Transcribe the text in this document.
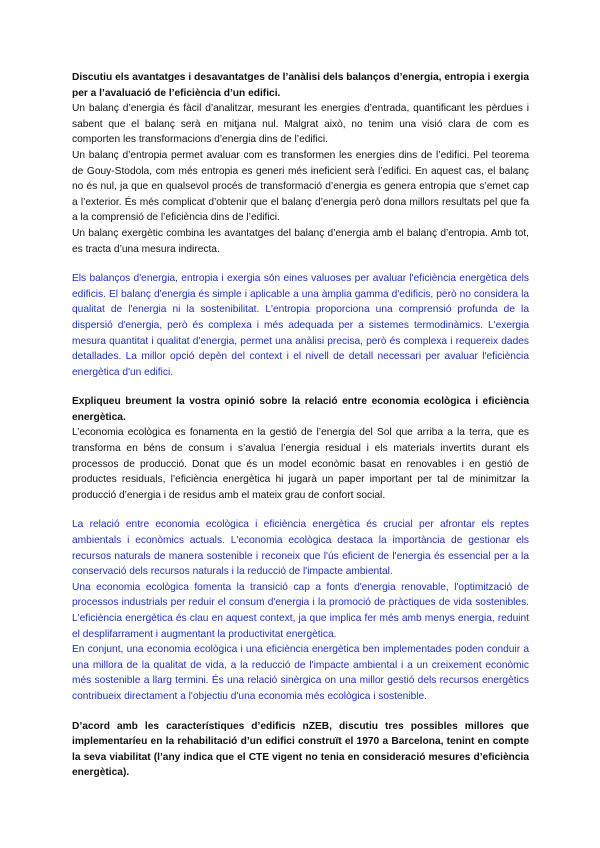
Discutiu els avantatges i desavantatges de l’anàlisi dels balanços d’energia, entropia i exergia per a l’avaluació de l’eficiència d’un edifici.

Un balanç d’energia és fàcil d’analitzar, mesurant les energies d’entrada, quantificant les pèrdues i sabent que el balanç serà en mitjana nul. Malgrat això, no tenim una visió clara de com es comporten les transformacions d’energia dins de l’edifici.

Un balanç d’entropia permet avaluar com es transformen les energies dins de l’edifici. Pel teorema de Gouy-Stodola, com més entropia es generi més ineficient serà l’edifici. En aquest cas, el balanç no és nul, ja que en qualsevol procés de transformació d’energia es genera entropia que s’emet cap a l’exterior. És més complicat d’obtenir que el balanç d’energia però dona millors resultats pel que fa a la comprensió de l’eficiència dins de l’edifici.

Un balanç exergètic combina les avantatges del balanç d’energia amb el balanç d’entropia. Amb tot, es tracta d’una mesura indirecta.

Els balanços d'energia, entropia i exergia són eines valuoses per avaluar l'eficiència energètica dels edificis. El balanç d'energia és simple i aplicable a una àmplia gamma d'edificis, però no considera la qualitat de l'energia ni la sostenibilitat. L'entropia proporciona una comprensió profunda de la dispersió d'energia, però és complexa i més adequada per a sistemes termodinàmics. L'exergia mesura quantitat i qualitat d'energia, permet una anàlisi precisa, però és complexa i requereix dades detallades. La millor opció depèn del context i el nivell de detall necessari per avaluar l'eficiència energètica d'un edifici.

Expliqueu breument la vostra opinió sobre la relació entre economia ecològica i eficiència energètica.

L’economia ecològica es fonamenta en la gestió de l’energia del Sol que arriba a la terra, que es transforma en béns de consum i s’avalua l’energia residual i els materials invertits durant els processos de producció. Donat que és un model econòmic basat en renovables i en gestió de productes residuals, l’eficiència energètica hi jugarà un paper important per tal de minimitzar la producció d’energia i de residus amb el mateix grau de confort social.

La relació entre economia ecològica i eficiència energètica és crucial per afrontar els reptes ambientals i econòmics actuals. L'economia ecològica destaca la importància de gestionar els recursos naturals de manera sostenible i reconeix que l'ús eficient de l'energia és essencial per a la conservació dels recursos naturals i la reducció de l'impacte ambiental.

Una economia ecològica fomenta la transició cap a fonts d'energia renovable, l'optimització de processos industrials per reduir el consum d'energia i la promoció de pràctiques de vida sostenibles. L'eficiència energètica és clau en aquest context, ja que implica fer més amb menys energia, reduint el desplifarrament i augmentant la productivitat energètica.

En conjunt, una economia ecològica i una eficiència energètica ben implementades poden conduir a una millora de la qualitat de vida, a la reducció de l'impacte ambiental i a un creixement econòmic més sostenible a llarg termini. És una relació sinèrgica on una millor gestió dels recursos energètics contribueix directament a l'objectiu d'una economia més ecològica i sostenible.

D’acord amb les característiques d’edificis nZEB, discutiu tres possibles millores que implementaríeu en la rehabilitació d’un edifici construït el 1970 a Barcelona, tenint en compte la seva viabilitat (l’any indica que el CTE vigent no tenia en consideració mesures d’eficiència energètica).
